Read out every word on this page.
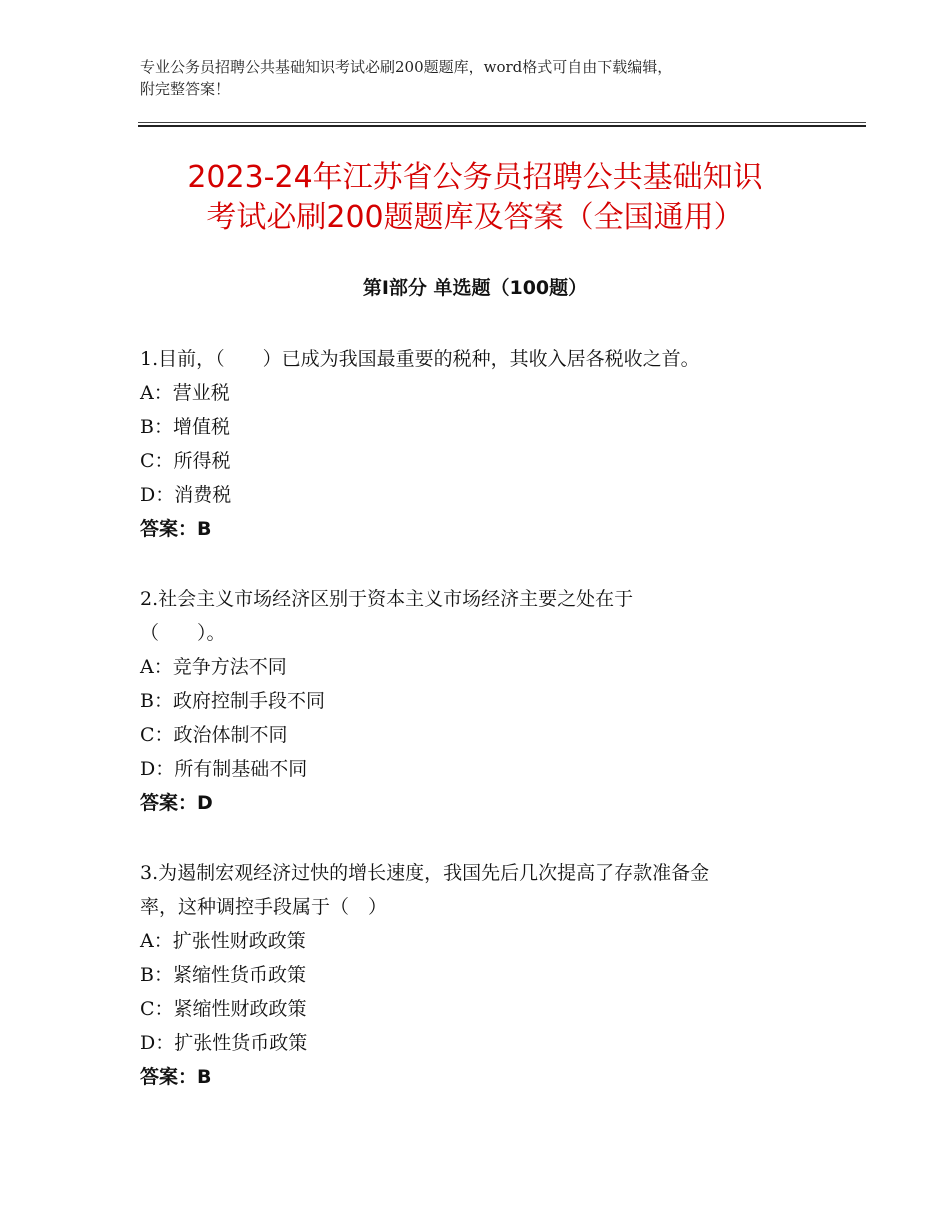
专业公务员招聘公共基础知识考试必刷200题题库，word格式可自由下载编辑，
附完整答案！
2023-24年江苏省公务员招聘公共基础知识
考试必刷200题题库及答案（全国通用）
第Ⅰ部分 单选题（100题）
1.目前，（　　）已成为我国最重要的税种，其收入居各税收之首。
A：营业税
B：增值税
C：所得税
D：消费税
答案：B
2.社会主义市场经济区别于资本主义市场经济主要之处在于
（　　）。
A：竞争方法不同
B：政府控制手段不同
C：政治体制不同
D：所有制基础不同
答案：D
3.为遏制宏观经济过快的增长速度，我国先后几次提高了存款准备金
率，这种调控手段属于（　）
A：扩张性财政政策
B：紧缩性货币政策
C：紧缩性财政政策
D：扩张性货币政策
答案：B
